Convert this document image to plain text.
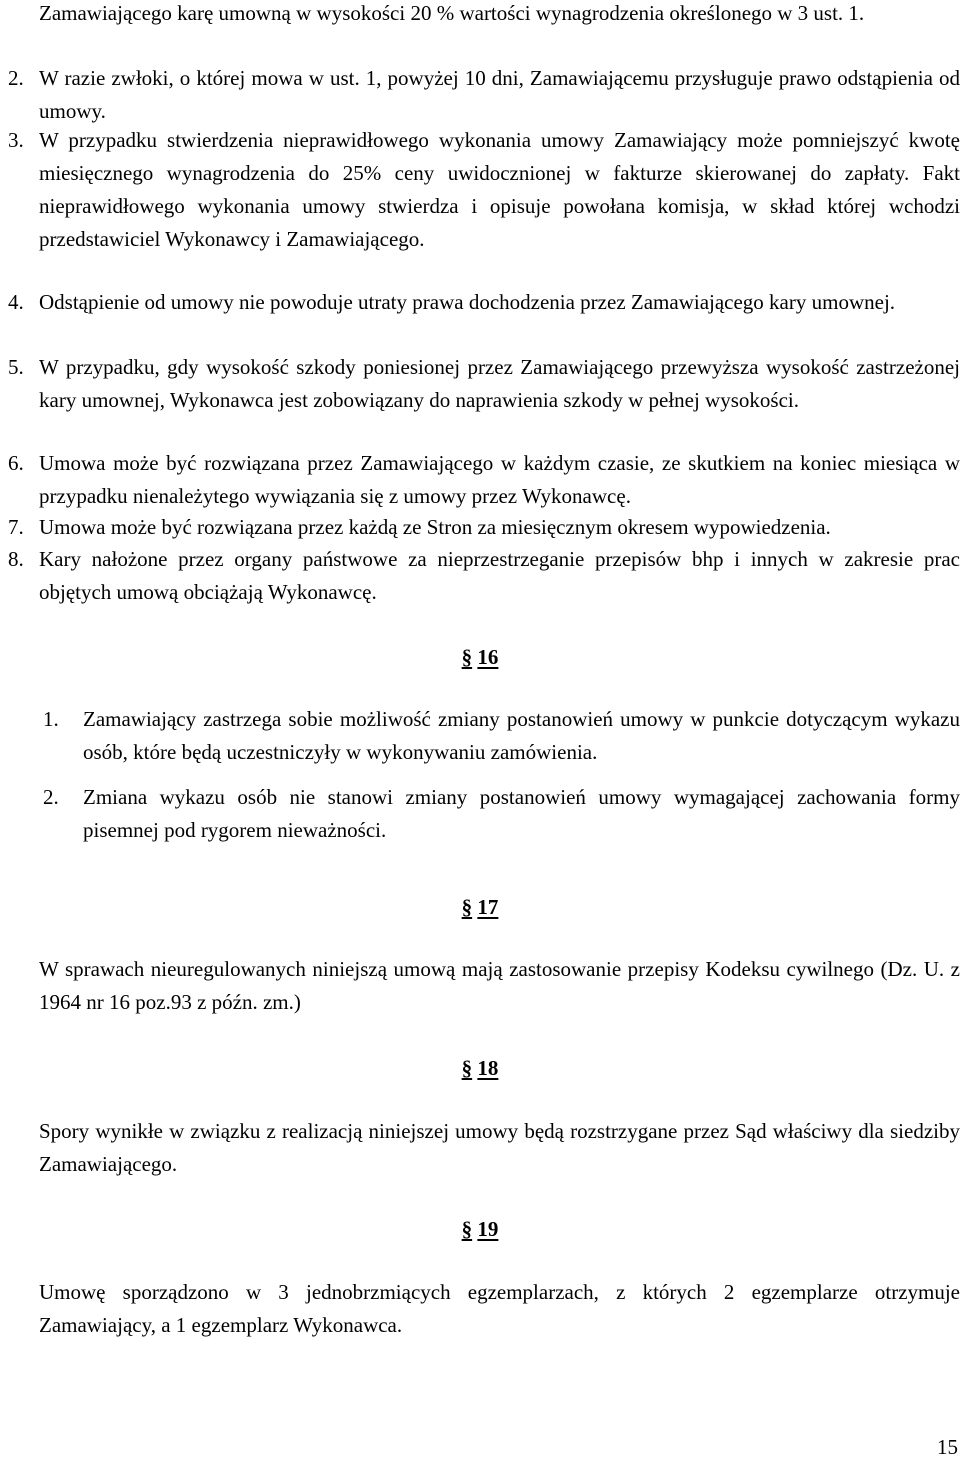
Zamawiającego karę umowną w wysokości 20 % wartości wynagrodzenia określonego w 3 ust. 1.
2. W razie zwłoki, o której mowa w ust. 1, powyżej 10 dni, Zamawiającemu przysługuje prawo odstąpienia od umowy.
3. W przypadku stwierdzenia nieprawidłowego wykonania umowy Zamawiający może pomniejszyć kwotę miesięcznego wynagrodzenia do 25% ceny uwidocznionej w fakturze skierowanej do zapłaty. Fakt nieprawidłowego wykonania umowy stwierdza i opisuje powołana komisja, w skład której wchodzi przedstawiciel Wykonawcy i Zamawiającego.
4. Odstąpienie od umowy nie powoduje utraty prawa dochodzenia przez Zamawiającego kary umownej.
5. W przypadku, gdy wysokość szkody poniesionej przez Zamawiającego przewyższa wysokość zastrzeżonej kary umownej, Wykonawca jest zobowiązany do naprawienia szkody w pełnej wysokości.
6. Umowa może być rozwiązana przez Zamawiającego w każdym czasie, ze skutkiem na koniec miesiąca w przypadku nienależytego wywiązania się z umowy przez Wykonawcę.
7. Umowa może być rozwiązana przez każdą ze Stron za miesięcznym okresem wypowiedzenia.
8. Kary nałożone przez organy państwowe za nieprzestrzeganie przepisów bhp i innych w zakresie prac objętych umową obciążają Wykonawcę.
§ 16
1.	Zamawiający zastrzega sobie możliwość zmiany postanowień umowy w punkcie dotyczącym wykazu osób, które będą uczestniczyły w wykonywaniu zamówienia.
2.	Zmiana wykazu osób nie stanowi zmiany postanowień umowy wymagającej zachowania formy pisemnej pod rygorem nieważności.
§ 17
W sprawach nieuregulowanych niniejszą umową mają zastosowanie przepisy Kodeksu cywilnego (Dz. U. z 1964 nr 16 poz.93 z późn. zm.)
§ 18
Spory wynikłe w związku z realizacją niniejszej umowy będą rozstrzygane przez Sąd właściwy dla siedziby Zamawiającego.
§ 19
Umowę sporządzono w 3 jednobrzmiących egzemplarzach, z których 2 egzemplarze otrzymuje Zamawiający, a 1 egzemplarz Wykonawca.
15
